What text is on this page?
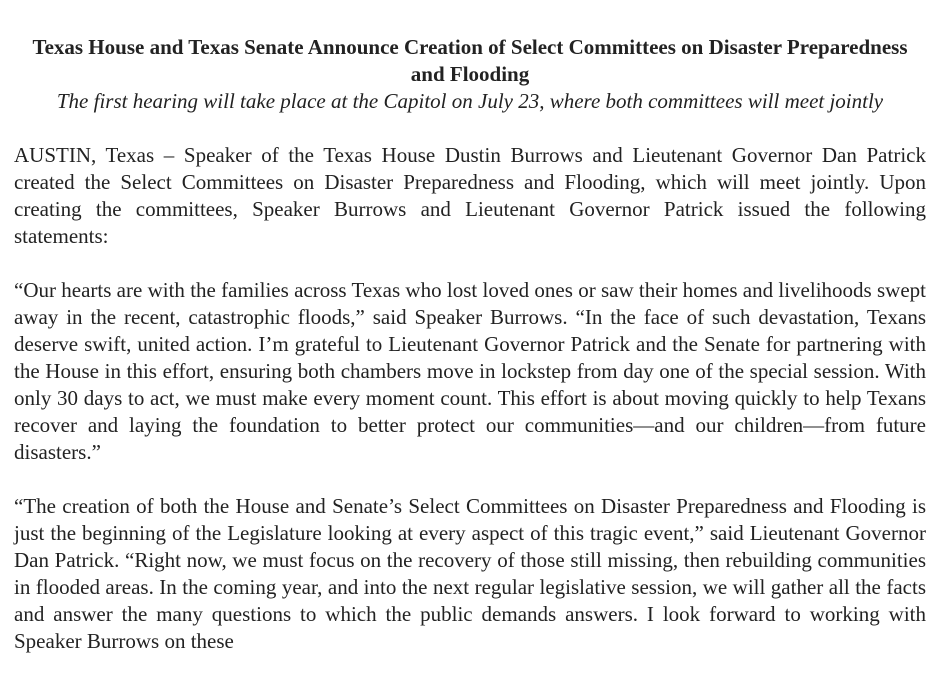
Texas House and Texas Senate Announce Creation of Select Committees on Disaster Preparedness and Flooding

The first hearing will take place at the Capitol on July 23, where both committees will meet jointly

AUSTIN, Texas – Speaker of the Texas House Dustin Burrows and Lieutenant Governor Dan Patrick created the Select Committees on Disaster Preparedness and Flooding, which will meet jointly. Upon creating the committees, Speaker Burrows and Lieutenant Governor Patrick issued the following statements:

“Our hearts are with the families across Texas who lost loved ones or saw their homes and livelihoods swept away in the recent, catastrophic floods,” said Speaker Burrows. “In the face of such devastation, Texans deserve swift, united action. I’m grateful to Lieutenant Governor Patrick and the Senate for partnering with the House in this effort, ensuring both chambers move in lockstep from day one of the special session. With only 30 days to act, we must make every moment count. This effort is about moving quickly to help Texans recover and laying the foundation to better protect our communities—and our children—from future disasters.”

“The creation of both the House and Senate’s Select Committees on Disaster Preparedness and Flooding is just the beginning of the Legislature looking at every aspect of this tragic event,” said Lieutenant Governor Dan Patrick. “Right now, we must focus on the recovery of those still missing, then rebuilding communities in flooded areas. In the coming year, and into the next regular legislative session, we will gather all the facts and answer the many questions to which the public demands answers. I look forward to working with Speaker Burrows on these
